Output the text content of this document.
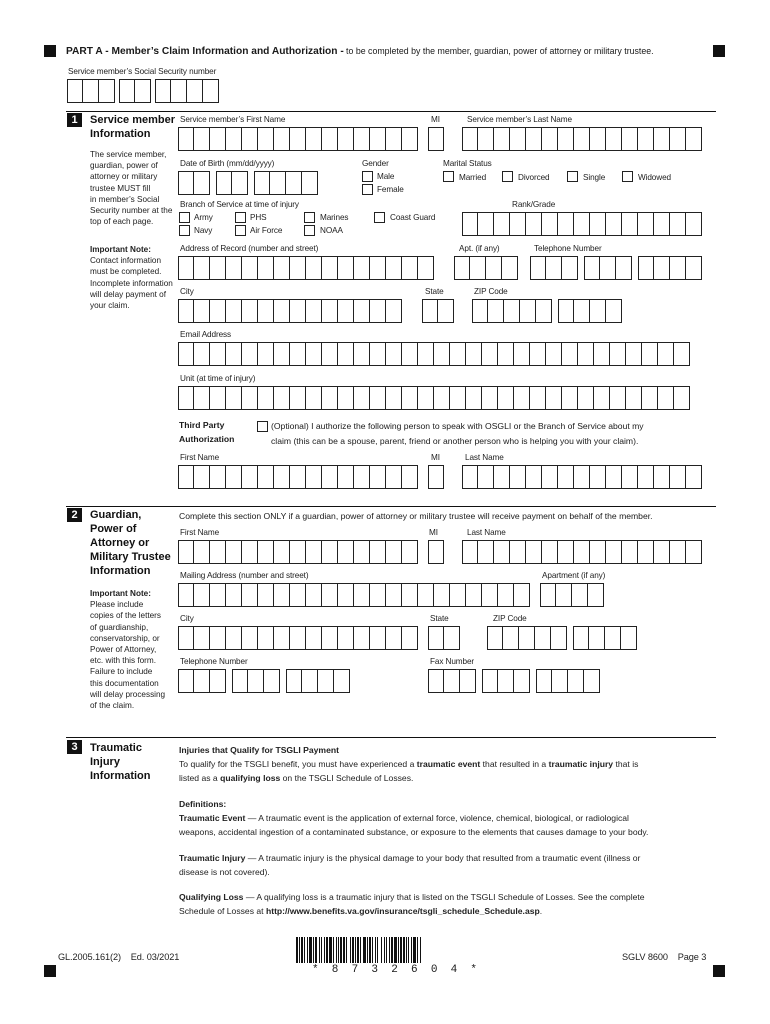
PART A - Member’s Claim Information and Authorization - to be completed by the member, guardian, power of attorney or military trustee.
Service member’s Social Security number
1	Service member
Information
The service member,
guardian, power of
attorney or military
trustee MUST fill
in member’s Social
Security number at the
top of each page.
Important Note:
Contact information
must be completed.
Incomplete information
will delay payment of
your claim.
Service member’s First Name	MI	Service member’s Last Name
Date of Birth (mm/dd/yyyy)	Gender
Male
Female
Marital Status
Married	Divorced	Single	Widowed
Branch of Service at time of injury
Army
Navy
PHS
Air Force
Marines
NOAA
Coast Guard
Rank/Grade
Address of Record (number and street)	Apt. (if any)	Telephone Number
City	State	ZIP Code
Email Address
Unit (at time of injury)
Third Party
Authorization
(Optional) I authorize the following person to speak with OSGLI or the Branch of Service about my
claim (this can be a spouse, parent, friend or another person who is helping you with your claim).
First Name	MI	Last Name
2	Guardian,
Power of
Attorney or
Military Trustee
Information
Important Note:
Please include
copies of the letters
of guardianship,
conservatorship, or
Power of Attorney,
etc. with this form.
Failure to include
this documentation
will delay processing
of the claim.
Complete this section ONLY if a guardian, power of attorney or military trustee will receive payment on behalf of the member.
First Name	MI	Last Name
Mailing Address (number and street)	Apartment (if any)
City	State	ZIP Code
Telephone Number	Fax Number
3	Traumatic
Injury
Information
Injuries that Qualify for TSGLI Payment
To qualify for the TSGLI benefit, you must have experienced a traumatic event that resulted in a traumatic injury that is
listed as a qualifying loss on the TSGLI Schedule of Losses.
Definitions:
Traumatic Event — A traumatic event is the application of external force, violence, chemical, biological, or radiological
weapons, accidental ingestion of a contaminated substance, or exposure to the elements that causes damage to your body.
Traumatic Injury — A traumatic injury is the physical damage to your body that resulted from a traumatic event (illness or
disease is not covered).
Qualifying Loss — A qualifying loss is a traumatic injury that is listed on the TSGLI Schedule of Losses. See the complete
Schedule of Losses at http://www.benefits.va.gov/insurance/tsgli_schedule_Schedule.asp.
GL.2005.161(2)    Ed. 03/2021
*  8  7  3  2  6  0  4  *
SGLV 8600    Page 3
